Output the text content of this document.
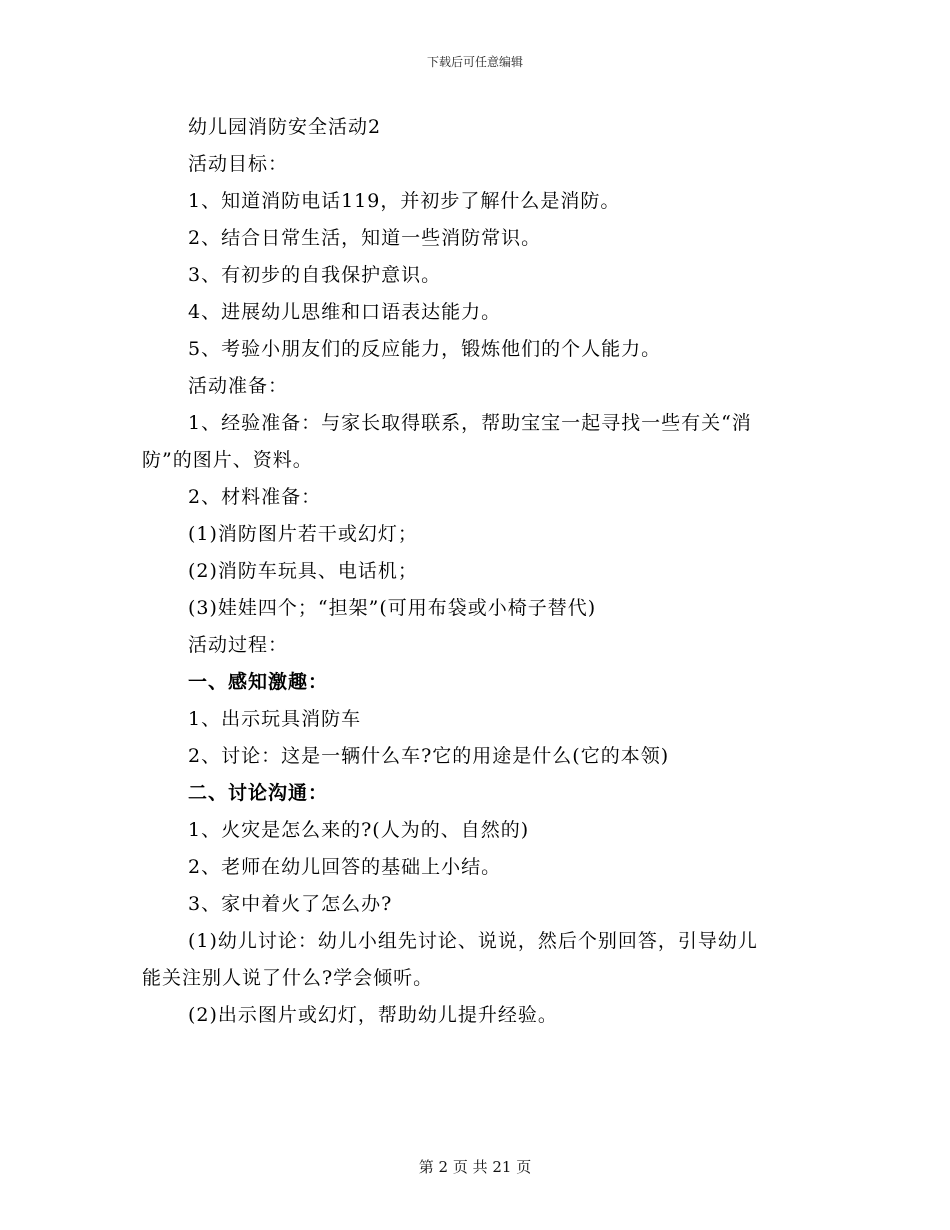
下载后可任意编辑
幼儿园消防安全活动2
活动目标：
1、知道消防电话119，并初步了解什么是消防。
2、结合日常生活，知道一些消防常识。
3、有初步的自我保护意识。
4、进展幼儿思维和口语表达能力。
5、考验小朋友们的反应能力，锻炼他们的个人能力。
活动准备：
1、经验准备：与家长取得联系，帮助宝宝一起寻找一些有关“消
防”的图片、资料。
2、材料准备：
(1)消防图片若干或幻灯；
(2)消防车玩具、电话机；
(3)娃娃四个；“担架”(可用布袋或小椅子替代)
活动过程：
一、感知激趣：
1、出示玩具消防车
2、讨论：这是一辆什么车?它的用途是什么(它的本领)
二、讨论沟通：
1、火灾是怎么来的?(人为的、自然的)
2、老师在幼儿回答的基础上小结。
3、家中着火了怎么办?
(1)幼儿讨论：幼儿小组先讨论、说说，然后个别回答，引导幼儿
能关注别人说了什么?学会倾听。
(2)出示图片或幻灯，帮助幼儿提升经验。
第 2 页 共 21 页
